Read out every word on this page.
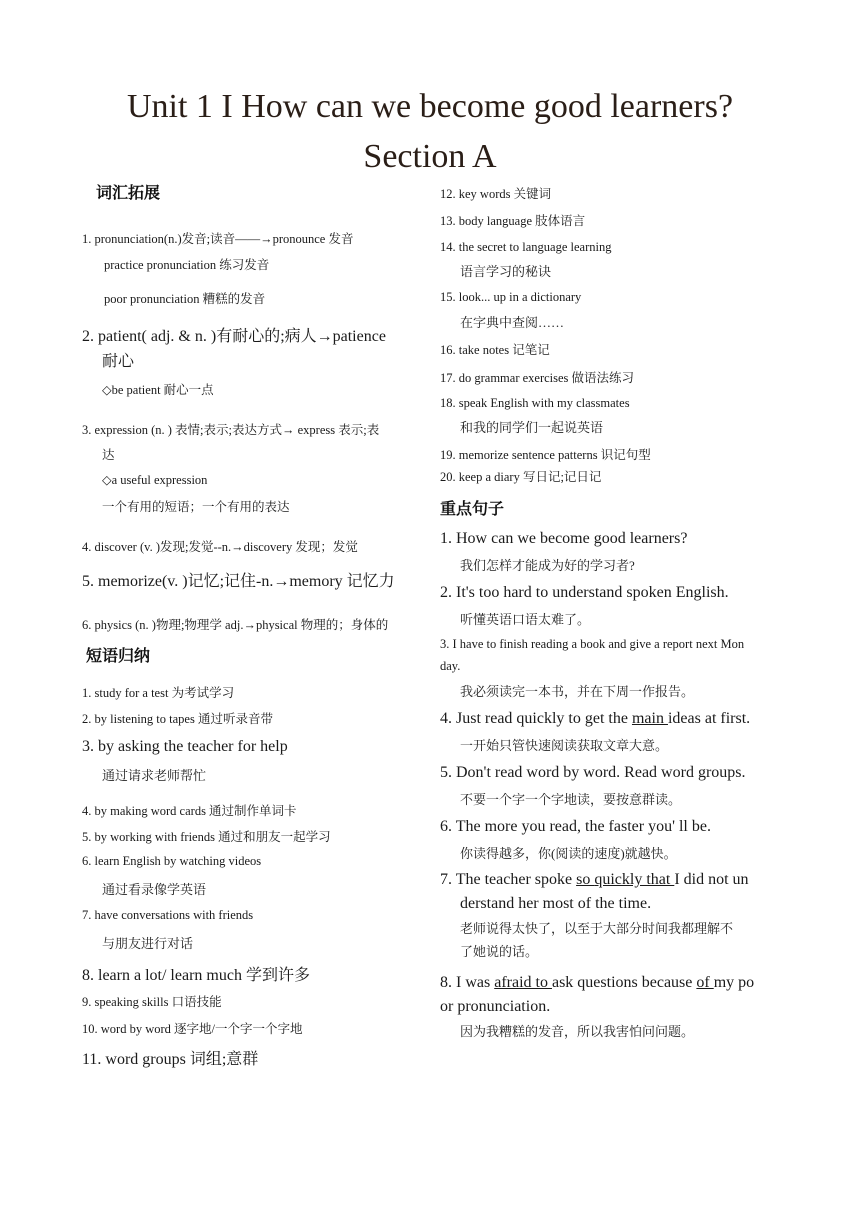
Unit 1 I How can we become good learners?
Section A
词汇拓展
1. pronunciation(n.)发音;读音——→pronounce 发音
practice pronunciation 练习发音
poor pronunciation 糟糕的发音
2. patient( adj. & n. )有耐心的;病人→patience
耐心
◇be patient 耐心一点
3. expression (n. ) 表情;表示;表达方式→ express 表示;表
达
◇a useful expression
一个有用的短语；一个有用的表达
4. discover (v. )发现;发觉--n.→discovery 发现；发觉
5. memorize(v. )记忆;记住-n.→memory 记忆力
6. physics (n. )物理;物理学 adj.→physical 物理的；身体的
短语归纳
1. study for a test 为考试学习
2. by listening to tapes 通过听录音带
3. by asking the teacher for help
通过请求老师帮忙
4. by making word cards 通过制作单词卡
5. by working with friends 通过和朋友一起学习
6. learn English by watching videos
通过看录像学英语
7. have conversations with friends
与朋友进行对话
8. learn a lot/ learn much 学到许多
9. speaking skills 口语技能
10. word by word 逐字地/一个字一个字地
11. word groups 词组;意群
12. key words 关键词
13. body language 肢体语言
14. the secret to language learning
语言学习的秘诀
15. look... up in a dictionary
在字典中查阅……
16. take notes 记笔记
17. do grammar exercises 做语法练习
18. speak English with my classmates
和我的同学们一起说英语
19. memorize sentence patterns 识记句型
20. keep a diary 写日记;记日记
重点句子
1. How can we become good learners?
我们怎样才能成为好的学习者?
2. It's too hard to understand spoken English.
听懂英语口语太难了。
3. I have to finish reading a book and give a report next Mon
day.
我必须读完一本书，并在下周一作报告。
4. Just read quickly to get the main ideas at first.
一开始只管快速阅读获取文章大意。
5. Don't read word by word. Read word groups.
不要一个字一个字地读，要按意群读。
6. The more you read, the faster you' ll be.
你读得越多，你(阅读的速度)就越快。
7. The teacher spoke so quickly that I did not un
derstand her most of the time.
老师说得太快了，以至于大部分时间我都理解不
了她说的话。
8. I was afraid to ask questions because of my po
or pronunciation.
因为我糟糕的发音，所以我害怕问问题。
